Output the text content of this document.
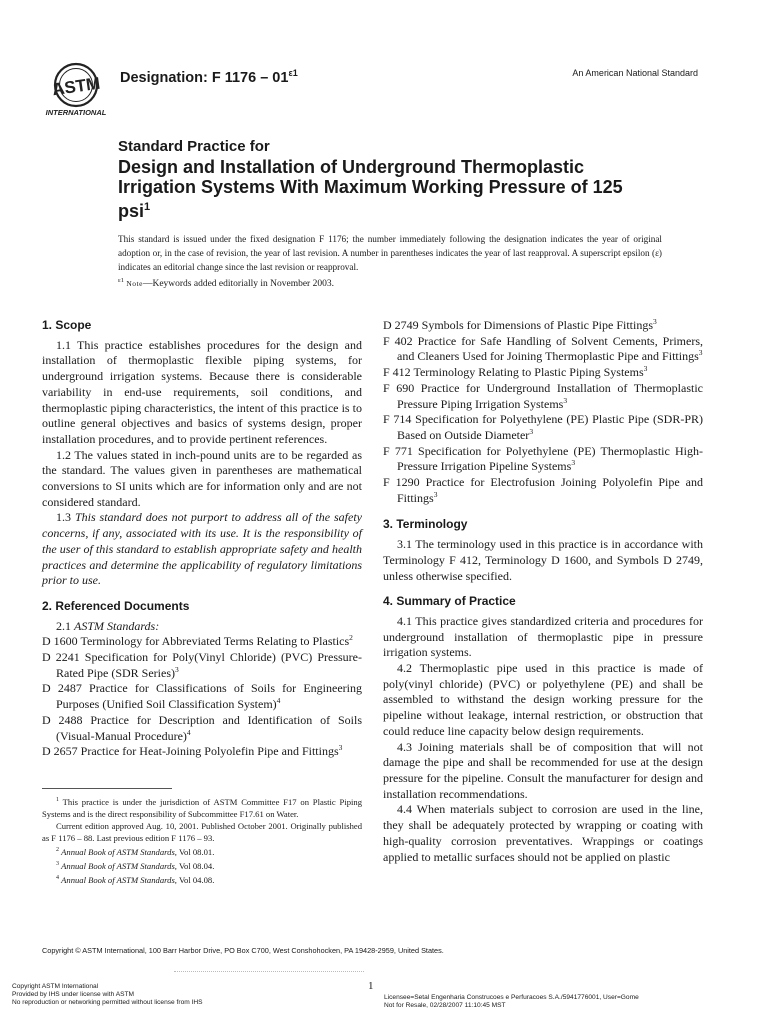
ASTM
INTERNATIONAL
Designation: F $1176 - 01^{\varepsilon 1}$	An American National Standard
Standard Practice for
Design and Installation of Underground Thermoplastic Irrigation Systems With Maximum Working Pressure of 125 psi$^1$
This standard is issued under the fixed designation F 1176; the number immediately following the designation indicates the year of original adoption or, in the case of revision, the year of last revision. A number in parentheses indicates the year of last reapproval. A superscript epsilon (ε) indicates an editorial change since the last revision or reapproval.
$^{\varepsilon 1}$ Note—Keywords added editorially in November 2003.
1. Scope

1.1 This practice establishes procedures for the design and installation of thermoplastic flexible piping systems, for underground irrigation systems. Because there is considerable variability in end-use requirements, soil conditions, and thermoplastic piping characteristics, the intent of this practice is to outline general objectives and basics of systems design, proper installation procedures, and to provide pertinent references.

1.2 The values stated in inch-pound units are to be regarded as the standard. The values given in parentheses are mathematical conversions to SI units which are for information only and are not considered standard.

1.3 This standard does not purport to address all of the safety concerns, if any, associated with its use. It is the responsibility of the user of this standard to establish appropriate safety and health practices and determine the applicability of regulatory limitations prior to use.

2. Referenced Documents
2.1 ASTM Standards:
D 1600 Terminology for Abbreviated Terms Relating to Plastics$^2$
D 2241 Specification for Poly(Vinyl Chloride) (PVC) Pressure-Rated Pipe (SDR Series)$^3$
D 2487 Practice for Classifications of Soils for Engineering Purposes (Unified Soil Classification System)$^4$
D 2488 Practice for Description and Identification of Soils (Visual-Manual Procedure)$^4$
D 2657 Practice for Heat-Joining Polyolefin Pipe and Fittings$^3$
D 2749 Symbols for Dimensions of Plastic Pipe Fittings$^3$
F 402 Practice for Safe Handling of Solvent Cements, Primers, and Cleaners Used for Joining Thermoplastic Pipe and Fittings$^3$
F 412 Terminology Relating to Plastic Piping Systems$^3$
F 690 Practice for Underground Installation of Thermoplastic Pressure Piping Irrigation Systems$^3$
F 714 Specification for Polyethylene (PE) Plastic Pipe (SDR-PR) Based on Outside Diameter$^3$
F 771 Specification for Polyethylene (PE) Thermoplastic High-Pressure Irrigation Pipeline Systems$^3$
F 1290 Practice for Electrofusion Joining Polyolefin Pipe and Fittings$^3$
3. Terminology

3.1 The terminology used in this practice is in accordance with Terminology F 412, Terminology D 1600, and Symbols D 2749, unless otherwise specified.

4. Summary of Practice

4.1 This practice gives standardized criteria and procedures for underground installation of thermoplastic pipe in pressure irrigation systems.

4.2 Thermoplastic pipe used in this practice is made of poly(vinyl chloride) (PVC) or polyethylene (PE) and shall be assembled to withstand the design working pressure for the pipeline without leakage, internal restriction, or obstruction that could reduce line capacity below design requirements.

4.3 Joining materials shall be of composition that will not damage the pipe and shall be recommended for use at the design pressure for the pipeline. Consult the manufacturer for design and installation recommendations.

4.4 When materials subject to corrosion are used in the line, they shall be adequately protected by wrapping or coating with high-quality corrosion preventatives. Wrappings or coatings applied to metallic surfaces should not be applied on plastic

$^1$ This practice is under the jurisdiction of ASTM Committee F17 on Plastic Piping Systems and is the direct responsibility of Subcommittee F17.61 on Water.

Current edition approved Aug. 10, 2001. Published October 2001. Originally published as F 1176 – 88. Last previous edition F 1176 – 93.

$^2$ Annual Book of ASTM Standards, Vol 08.01.

$^3$ Annual Book of ASTM Standards, Vol 08.04.

$^4$ Annual Book of ASTM Standards, Vol 04.08.

Copyright © ASTM International, 100 Barr Harbor Drive, PO Box C700, West Conshohocken, PA 19428-2959, United States.
Copyright ASTM International
Provided by IHS under license with ASTM
No reproduction or networking permitted without license from IHS
1
Licensee=Setal Engenharia Construcoes e Perfuracoes S.A./5941776001, User=Gome
Not for Resale, 02/28/2007 11:10:45 MST
